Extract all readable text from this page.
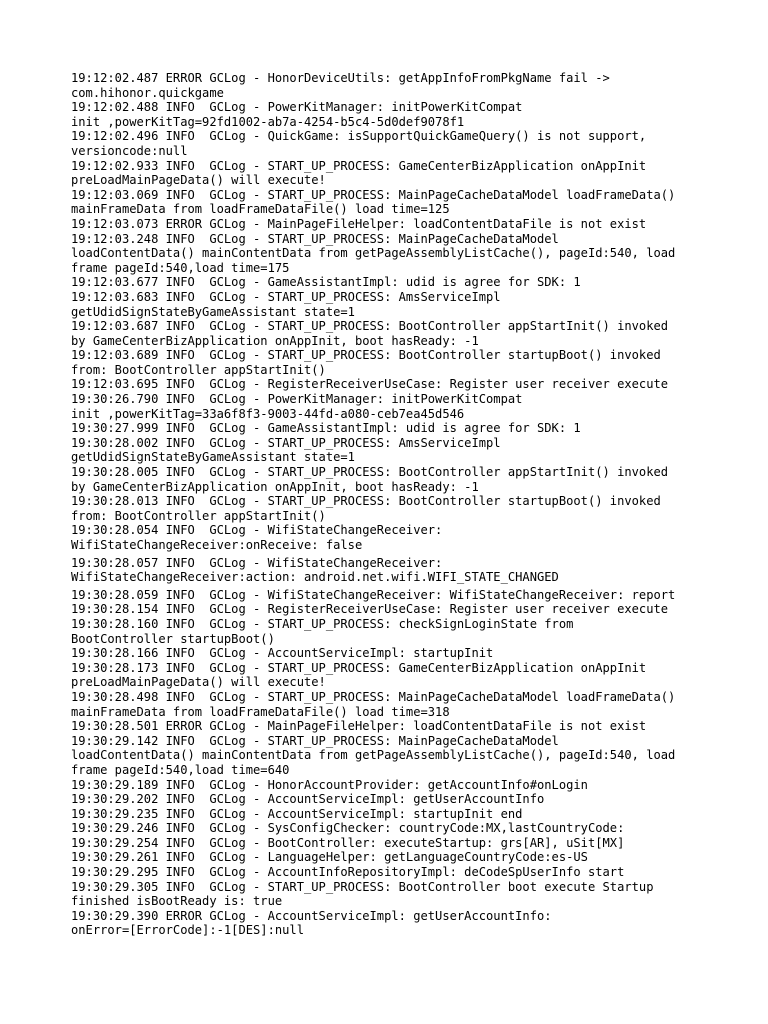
19:12:02.487 ERROR GCLog - HonorDeviceUtils: getAppInfoFromPkgName fail ->
com.hihonor.quickgame
19:12:02.488 INFO  GCLog - PowerKitManager: initPowerKitCompat
init ,powerKitTag=92fd1002-ab7a-4254-b5c4-5d0def9078f1
19:12:02.496 INFO  GCLog - QuickGame: isSupportQuickGameQuery() is not support,
versioncode:null
19:12:02.933 INFO  GCLog - START_UP_PROCESS: GameCenterBizApplication onAppInit
preLoadMainPageData() will execute!
19:12:03.069 INFO  GCLog - START_UP_PROCESS: MainPageCacheDataModel loadFrameData()
mainFrameData from loadFrameDataFile() load time=125
19:12:03.073 ERROR GCLog - MainPageFileHelper: loadContentDataFile is not exist
19:12:03.248 INFO  GCLog - START_UP_PROCESS: MainPageCacheDataModel
loadContentData() mainContentData from getPageAssemblyListCache(), pageId:540, load
frame pageId:540,load time=175
19:12:03.677 INFO  GCLog - GameAssistantImpl: udid is agree for SDK: 1
19:12:03.683 INFO  GCLog - START_UP_PROCESS: AmsServiceImpl
getUdidSignStateByGameAssistant state=1
19:12:03.687 INFO  GCLog - START_UP_PROCESS: BootController appStartInit() invoked
by GameCenterBizApplication onAppInit, boot hasReady: -1
19:12:03.689 INFO  GCLog - START_UP_PROCESS: BootController startupBoot() invoked
from: BootController appStartInit()
19:12:03.695 INFO  GCLog - RegisterReceiverUseCase: Register user receiver execute
19:30:26.790 INFO  GCLog - PowerKitManager: initPowerKitCompat
init ,powerKitTag=33a6f8f3-9003-44fd-a080-ceb7ea45d546
19:30:27.999 INFO  GCLog - GameAssistantImpl: udid is agree for SDK: 1
19:30:28.002 INFO  GCLog - START_UP_PROCESS: AmsServiceImpl
getUdidSignStateByGameAssistant state=1
19:30:28.005 INFO  GCLog - START_UP_PROCESS: BootController appStartInit() invoked
by GameCenterBizApplication onAppInit, boot hasReady: -1
19:30:28.013 INFO  GCLog - START_UP_PROCESS: BootController startupBoot() invoked
from: BootController appStartInit()
19:30:28.054 INFO  GCLog - WifiStateChangeReceiver:
WifiStateChangeReceiver:onReceive: false
19:30:28.057 INFO  GCLog - WifiStateChangeReceiver:
WifiStateChangeReceiver:action: android.net.wifi.WIFI_STATE_CHANGED
19:30:28.059 INFO  GCLog - WifiStateChangeReceiver: WifiStateChangeReceiver: report
19:30:28.154 INFO  GCLog - RegisterReceiverUseCase: Register user receiver execute
19:30:28.160 INFO  GCLog - START_UP_PROCESS: checkSignLoginState from
BootController startupBoot()
19:30:28.166 INFO  GCLog - AccountServiceImpl: startupInit
19:30:28.173 INFO  GCLog - START_UP_PROCESS: GameCenterBizApplication onAppInit
preLoadMainPageData() will execute!
19:30:28.498 INFO  GCLog - START_UP_PROCESS: MainPageCacheDataModel loadFrameData()
mainFrameData from loadFrameDataFile() load time=318
19:30:28.501 ERROR GCLog - MainPageFileHelper: loadContentDataFile is not exist
19:30:29.142 INFO  GCLog - START_UP_PROCESS: MainPageCacheDataModel
loadContentData() mainContentData from getPageAssemblyListCache(), pageId:540, load
frame pageId:540,load time=640
19:30:29.189 INFO  GCLog - HonorAccountProvider: getAccountInfo#onLogin
19:30:29.202 INFO  GCLog - AccountServiceImpl: getUserAccountInfo
19:30:29.235 INFO  GCLog - AccountServiceImpl: startupInit end
19:30:29.246 INFO  GCLog - SysConfigChecker: countryCode:MX,lastCountryCode:
19:30:29.254 INFO  GCLog - BootController: executeStartup: grs[AR], uSit[MX]
19:30:29.261 INFO  GCLog - LanguageHelper: getLanguageCountryCode:es-US
19:30:29.295 INFO  GCLog - AccountInfoRepositoryImpl: deCodeSpUserInfo start
19:30:29.305 INFO  GCLog - START_UP_PROCESS: BootController boot execute Startup
finished isBootReady is: true
19:30:29.390 ERROR GCLog - AccountServiceImpl: getUserAccountInfo:
onError=[ErrorCode]:-1[DES]:null
